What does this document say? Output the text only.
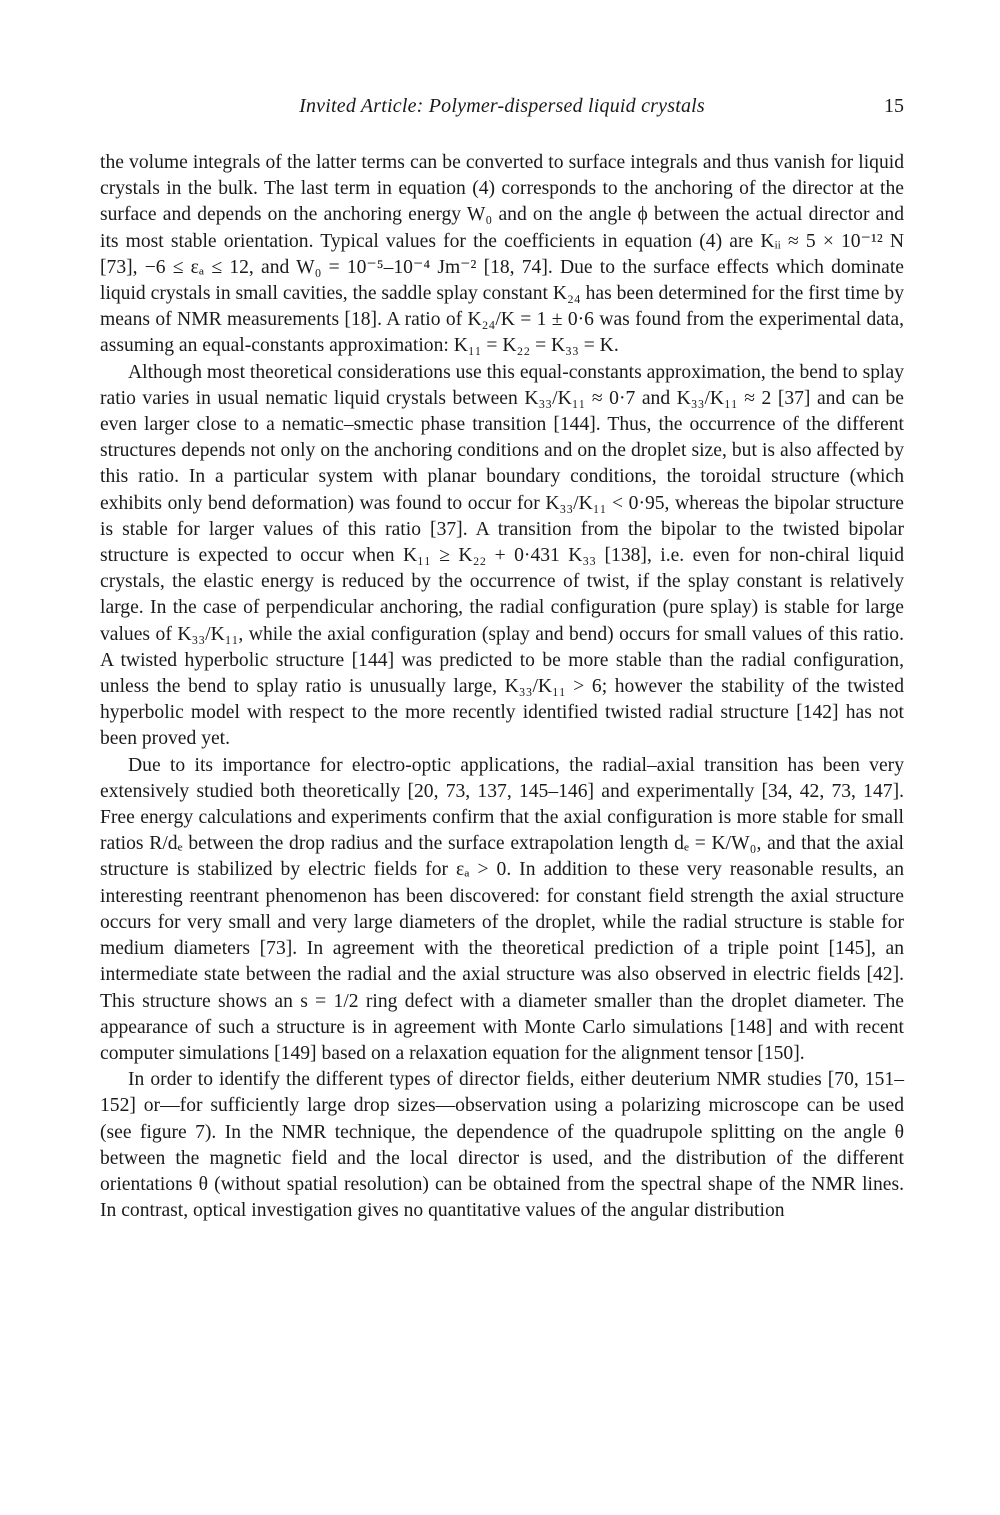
Invited Article: Polymer-dispersed liquid crystals	15

the volume integrals of the latter terms can be converted to surface integrals and thus vanish for liquid crystals in the bulk. The last term in equation (4) corresponds to the anchoring of the director at the surface and depends on the anchoring energy W₀ and on the angle ϕ between the actual director and its most stable orientation. Typical values for the coefficients in equation (4) are Kᵢᵢ ≈ 5 × 10⁻¹² N [73], −6 ≤ εₐ ≤ 12, and W₀ = 10⁻⁵–10⁻⁴ Jm⁻² [18, 74]. Due to the surface effects which dominate liquid crystals in small cavities, the saddle splay constant K₂₄ has been determined for the first time by means of NMR measurements [18]. A ratio of K₂₄/K = 1 ± 0·6 was found from the experimental data, assuming an equal-constants approximation: K₁₁ = K₂₂ = K₃₃ = K.

Although most theoretical considerations use this equal-constants approximation, the bend to splay ratio varies in usual nematic liquid crystals between K₃₃/K₁₁ ≈ 0·7 and K₃₃/K₁₁ ≈ 2 [37] and can be even larger close to a nematic–smectic phase transition [144]. Thus, the occurrence of the different structures depends not only on the anchoring conditions and on the droplet size, but is also affected by this ratio. In a particular system with planar boundary conditions, the toroidal structure (which exhibits only bend deformation) was found to occur for K₃₃/K₁₁ < 0·95, whereas the bipolar structure is stable for larger values of this ratio [37]. A transition from the bipolar to the twisted bipolar structure is expected to occur when K₁₁ ≥ K₂₂ + 0·431 K₃₃ [138], i.e. even for non-chiral liquid crystals, the elastic energy is reduced by the occurrence of twist, if the splay constant is relatively large. In the case of perpendicular anchoring, the radial configuration (pure splay) is stable for large values of K₃₃/K₁₁, while the axial configuration (splay and bend) occurs for small values of this ratio. A twisted hyperbolic structure [144] was predicted to be more stable than the radial configuration, unless the bend to splay ratio is unusually large, K₃₃/K₁₁ > 6; however the stability of the twisted hyperbolic model with respect to the more recently identified twisted radial structure [142] has not been proved yet.

Due to its importance for electro-optic applications, the radial–axial transition has been very extensively studied both theoretically [20, 73, 137, 145–146] and experimentally [34, 42, 73, 147]. Free energy calculations and experiments confirm that the axial configuration is more stable for small ratios R/dₑ between the drop radius and the surface extrapolation length dₑ = K/W₀, and that the axial structure is stabilized by electric fields for εₐ > 0. In addition to these very reasonable results, an interesting reentrant phenomenon has been discovered: for constant field strength the axial structure occurs for very small and very large diameters of the droplet, while the radial structure is stable for medium diameters [73]. In agreement with the theoretical prediction of a triple point [145], an intermediate state between the radial and the axial structure was also observed in electric fields [42]. This structure shows an s = 1/2 ring defect with a diameter smaller than the droplet diameter. The appearance of such a structure is in agreement with Monte Carlo simulations [148] and with recent computer simulations [149] based on a relaxation equation for the alignment tensor [150].

In order to identify the different types of director fields, either deuterium NMR studies [70, 151–152] or—for sufficiently large drop sizes—observation using a polarizing microscope can be used (see figure 7). In the NMR technique, the dependence of the quadrupole splitting on the angle θ between the magnetic field and the local director is used, and the distribution of the different orientations θ (without spatial resolution) can be obtained from the spectral shape of the NMR lines. In contrast, optical investigation gives no quantitative values of the angular distribution
